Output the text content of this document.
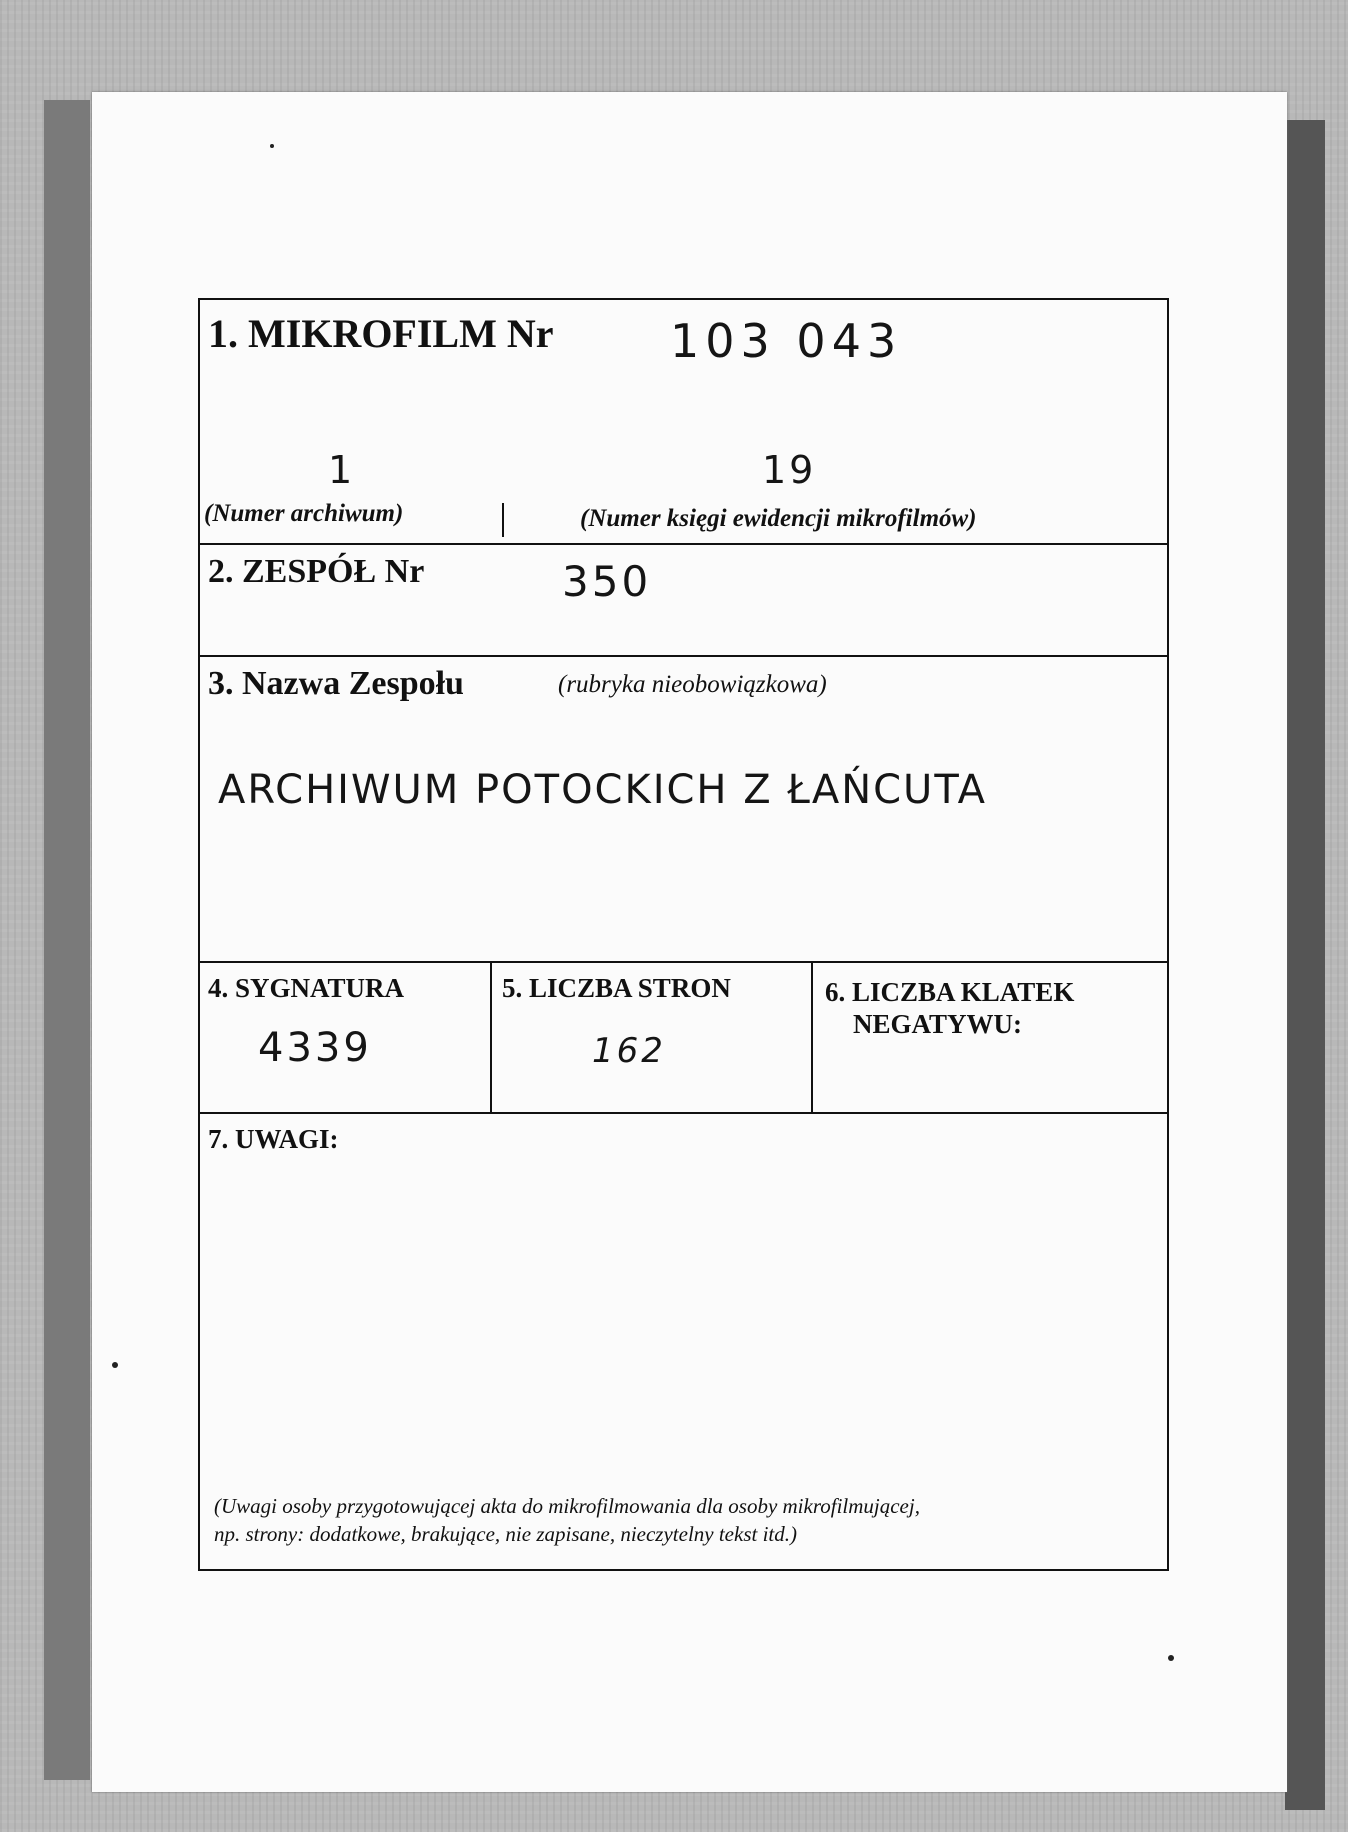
1. MIKROFILM Nr	103 043
1
(Numer archiwum)
19
(Numer księgi ewidencji mikrofilmów)
2. ZESPÓŁ Nr	350
3. Nazwa Zespołu	(rubryka nieobowiązkowa)
ARCHIWUM POTOCKICH Z ŁAŃCUTA
4. SYGNATURA
4339
5. LICZBA STRON
162
6. LICZBA KLATEK
NEGATYWU:
7. UWAGI:
(Uwagi osoby przygotowującej akta do mikrofilmowania dla osoby mikrofilmującej,
np. strony: dodatkowe, brakujące, nie zapisane, nieczytelny tekst itd.)
